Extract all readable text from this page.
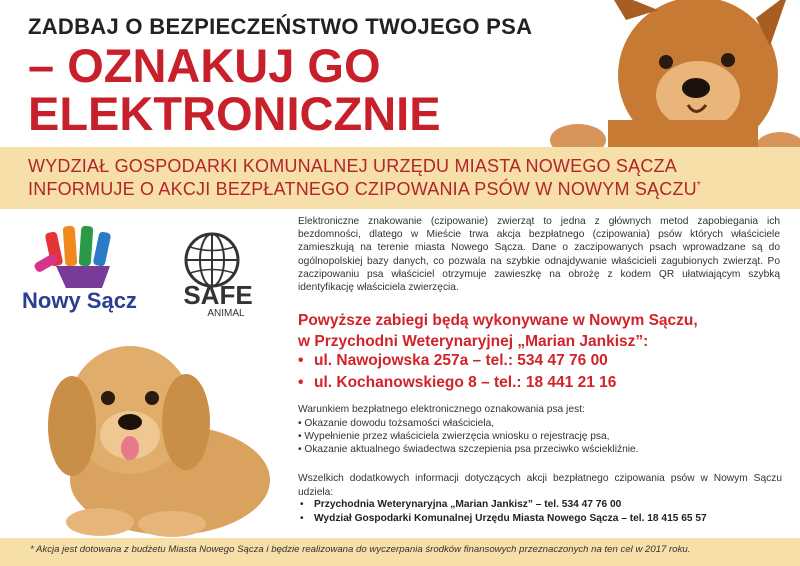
ZADBAJ O BEZPIECZEŃSTWO TWOJEGO PSA
– OZNAKUJ GO ELEKTRONICZNIE
WYDZIAŁ GOSPODARKI KOMUNALNEJ URZĘDU MIASTA NOWEGO SĄCZA
INFORMUJE O AKCJI BEZPŁATNEGO CZIPOWANIA PSÓW W NOWYM SĄCZU*
Nowy Sącz SAFE
ANIMAL
Elektroniczne znakowanie (czipowanie) zwierząt to jedna z głównych metod zapobiegania ich bezdomności, dlatego w Mieście trwa akcja bezpłatnego (czipowania) psów których właściciele zamieszkują na terenie miasta Nowego Sącza. Dane o zaczipowanych psach wprowadzane są do ogólnopolskiej bazy danych, co pozwala na szybkie odnajdywanie właścicieli zagubionych zwierząt. Po zaczipowaniu psa właściciel otrzymuje zawieszkę na obrożę z kodem QR ułatwiającym szybką identyfikację właściciela zwierzęcia.
Powyższe zabiegi będą wykonywane w Nowym Sączu,
w Przychodni Weterynaryjnej „Marian Jankisz”:
• ul. Nawojowska 257a – tel.: 534 47 76 00
• ul. Kochanowskiego 8 – tel.: 18 441 21 16
Warunkiem bezpłatnego elektronicznego oznakowania psa jest:
• Okazanie dowodu tożsamości właściciela,
• Wypełnienie przez właściciela zwierzęcia wniosku o rejestrację psa,
• Okazanie aktualnego świadectwa szczepienia psa przeciwko wściekliźnie.
Wszelkich dodatkowych informacji dotyczących akcji bezpłatnego czipowania psów w Nowym Sączu udziela:
• Przychodnia Weterynaryjna „Marian Jankisz” – tel. 534 47 76 00
• Wydział Gospodarki Komunalnej Urzędu Miasta Nowego Sącza – tel. 18 415 65 57
* Akcja jest dotowana z budżetu Miasta Nowego Sącza i będzie realizowana do wyczerpania środków finansowych przeznaczonych na ten cel w 2017 roku.
